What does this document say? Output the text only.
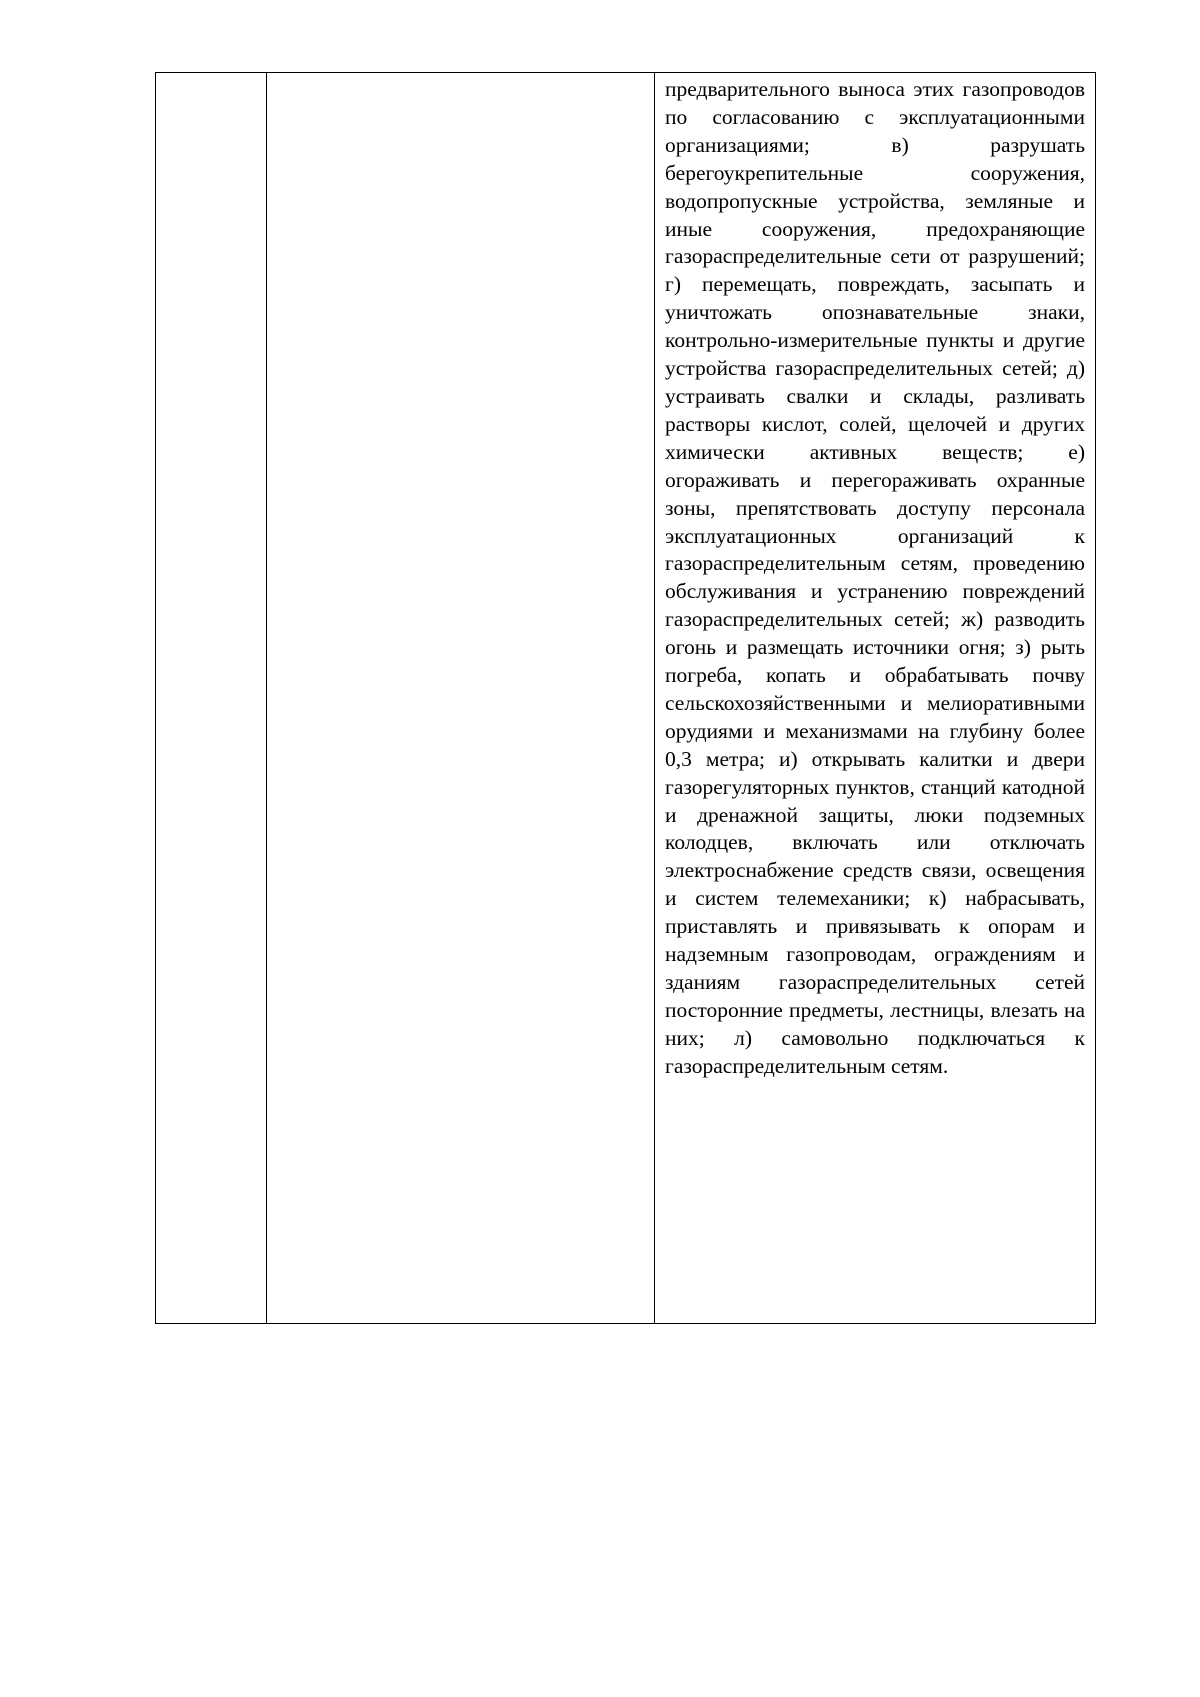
предварительного выноса этих газопроводов по согласованию с эксплуатационными организациями; в) разрушать берегоукрепительные сооружения, водопропускные устройства, земляные и иные сооружения, предохраняющие газораспределительные сети от разрушений; г) перемещать, повреждать, засыпать и уничтожать опознавательные знаки, контрольно-измерительные пункты и другие устройства газораспределительных сетей; д) устраивать свалки и склады, разливать растворы кислот, солей, щелочей и других химически активных веществ; е) огораживать и перегораживать охранные зоны, препятствовать доступу персонала эксплуатационных организаций к газораспределительным сетям, проведению обслуживания и устранению повреждений газораспределительных сетей; ж) разводить огонь и размещать источники огня; з) рыть погреба, копать и обрабатывать почву сельскохозяйственными и мелиоративными орудиями и механизмами на глубину более 0,3 метра; и) открывать калитки и двери газорегуляторных пунктов, станций катодной и дренажной защиты, люки подземных колодцев, включать или отключать электроснабжение средств связи, освещения и систем телемеханики; к) набрасывать, приставлять и привязывать к опорам и надземным газопроводам, ограждениям и зданиям газораспределительных сетей посторонние предметы, лестницы, влезать на них; л) самовольно подключаться к газораспределительным сетям.
